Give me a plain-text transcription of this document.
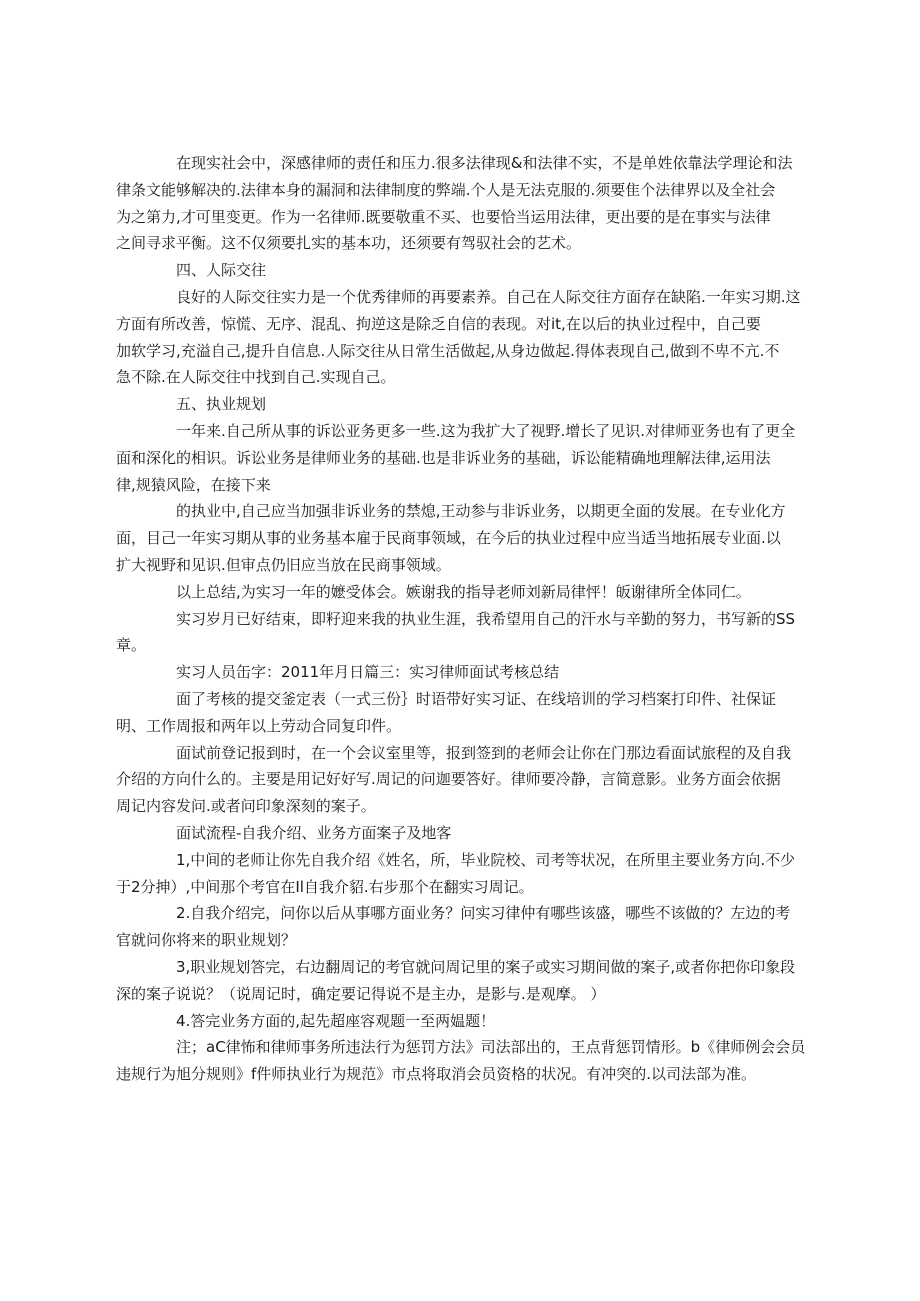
在现实社会中，深感律师的责任和压力.很多法律现&和法律不实，不是单姓依靠法学理论和法
律条文能够解决的.法律本身的漏洞和法律制度的弊端.个人是无法克服的.须要隹个法律界以及全社会
为之第力,才可里变更。作为一名律师.既要敬重不买、也要恰当运用法律，更出要的是在事实与法律
之间寻求平衡。这不仅须要扎实的基本功，还须要有驾驭社会的艺术。

四、人际交往

良好的人际交往实力是一个优秀律师的再要素养。自己在人际交往方面存在缺陷.一年实习期.这
方面有所改善，惊慌、无序、混乱、拘逆这是除乏自信的表现。对it,在以后的执业过程中，自己要
加软学习,充溢自己,提升自信息.人际交往从日常生活做起,从身边做起.得体表现自己,做到不卑不亢.不
急不除.在人际交往中找到自己.实现自己。

五、执业规划

一年来.自己所从事的诉讼亚务更多一些.这为我扩大了视野.增长了见识.对律师亚务也有了更全
面和深化的相识。诉讼业务是律师业务的基础.也是非诉业务的基础，诉讼能精确地理解法律,运用法
律,规猿风险，在接下来

的执业中,自己应当加强非诉业务的禁熄,王动参与非诉业务，以期更全面的发展。在专业化方
面，目己一年实习期从事的业务基本雇于民商事领域，在今后的执业过程中应当适当地拓展专业面.以
扩大视野和见识.但审点仍旧应当放在民商事领域。

以上总结,为实习一年的嬷受体会。嫉谢我的指导老师刘新局律怦！皈谢律所全体同仁。

实习岁月已好结束，即籽迎来我的执业生涯，我希望用自己的汗水与辛勤的努力，书写新的SS
章。

实习人员缶字：2011年月日篇三：实习律师面试考核总结

面了考核的提交釜定表（一式三份｝时语带好实习证、在线培训的学习档案打印件、社保证
明、工作周报和两年以上劳动合同复印件。

面试前登记报到时，在一个会议室里等，报到签到的老师会让你在门那边看面试旅程的及自我
介绍的方向什么的。主要是用记好好写.周记的问迦要答好。律师要冷静，言简意影。业务方面会依据
周记内容发问.或者问印象深刻的案子。

面试流程-自我介绍、业务方面案子及地客

1,中间的老师让你先自我介绍《姓名，所，毕业院校、司考等状况，在所里主要业务方向.不少
于2分抻）,中间那个考官在Il自我介貂.右步那个在翻实习周记。

2.自我介绍完，问你以后从事哪方面业务？问实习律仲有哪些该盛，哪些不该做的？左边的考
官就问你将来的职业规划？

3,职业规划答完，右边翻周记的考官就问周记里的案子或实习期间做的案子,或者你把你印象段
深的案子说说？（说周记时，确定要记得说不是主办，是影与.是观摩。 ）

4.答完业务方面的,起先超座容观题一至两媪题！

注；aC律怖和律师事务所违法行为惩罚方法》司法部出的，王点背惩罚情形。b《律师例会会员
违规行为旭分规则》f件师执业行为规范》市点将取消会员资格的状况。有冲突的.以司法部为准。
